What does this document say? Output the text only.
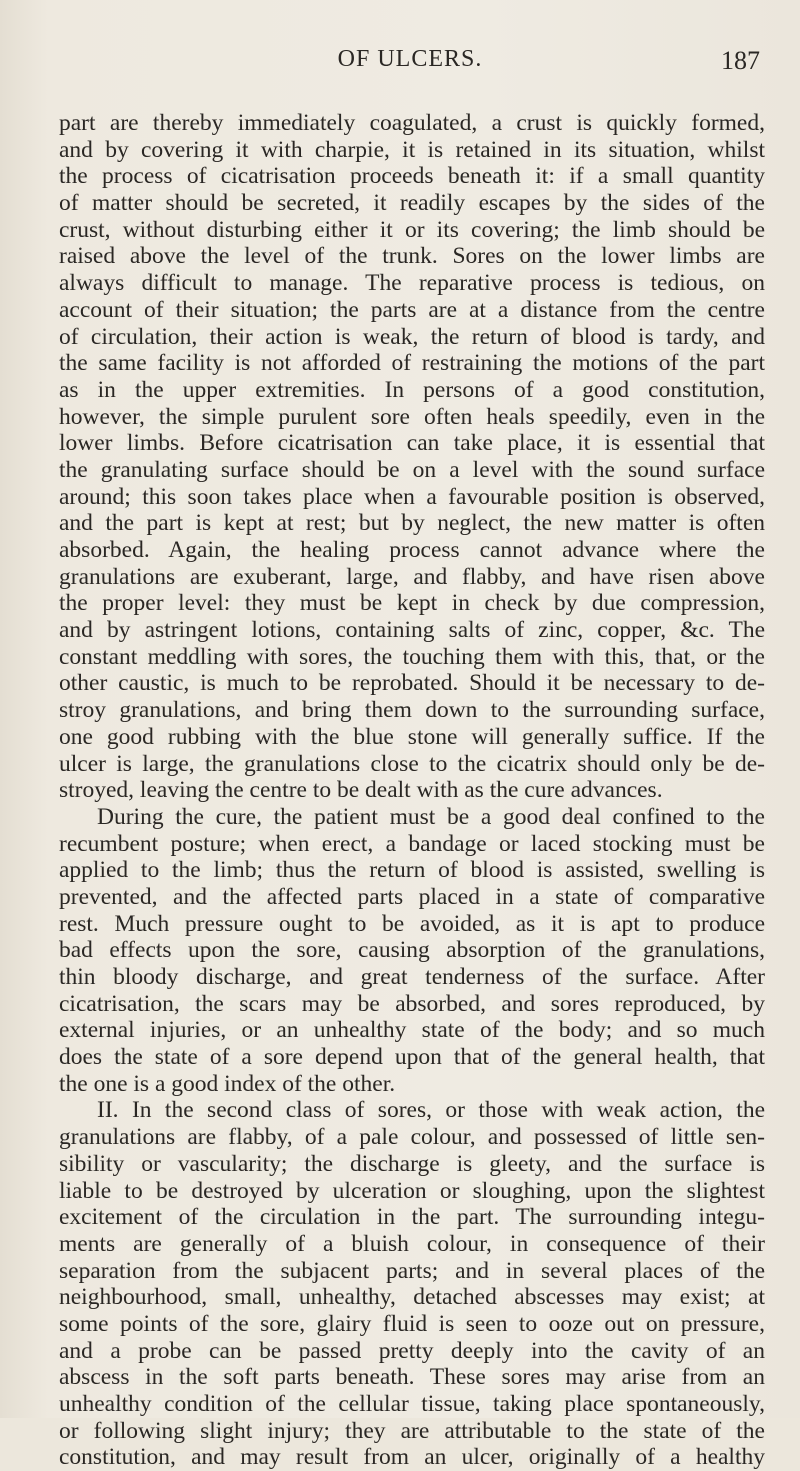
OF ULCERS.	187
part are thereby immediately coagulated, a crust is quickly formed,
and by covering it with charpie, it is retained in its situation, whilst
the process of cicatrisation proceeds beneath it: if a small quantity
of matter should be secreted, it readily escapes by the sides of the
crust, without disturbing either it or its covering; the limb should be
raised above the level of the trunk. Sores on the lower limbs are
always difficult to manage. The reparative process is tedious, on
account of their situation; the parts are at a distance from the centre
of circulation, their action is weak, the return of blood is tardy, and
the same facility is not afforded of restraining the motions of the part
as in the upper extremities. In persons of a good constitution,
however, the simple purulent sore often heals speedily, even in the
lower limbs. Before cicatrisation can take place, it is essential that
the granulating surface should be on a level with the sound surface
around; this soon takes place when a favourable position is observed,
and the part is kept at rest; but by neglect, the new matter is often
absorbed. Again, the healing process cannot advance where the
granulations are exuberant, large, and flabby, and have risen above
the proper level: they must be kept in check by due compression,
and by astringent lotions, containing salts of zinc, copper, &c. The
constant meddling with sores, the touching them with this, that, or the
other caustic, is much to be reprobated. Should it be necessary to de-
stroy granulations, and bring them down to the surrounding surface,
one good rubbing with the blue stone will generally suffice. If the
ulcer is large, the granulations close to the cicatrix should only be de-
stroyed, leaving the centre to be dealt with as the cure advances.
During the cure, the patient must be a good deal confined to the
recumbent posture; when erect, a bandage or laced stocking must be
applied to the limb; thus the return of blood is assisted, swelling is
prevented, and the affected parts placed in a state of comparative
rest. Much pressure ought to be avoided, as it is apt to produce
bad effects upon the sore, causing absorption of the granulations,
thin bloody discharge, and great tenderness of the surface. After
cicatrisation, the scars may be absorbed, and sores reproduced, by
external injuries, or an unhealthy state of the body; and so much
does the state of a sore depend upon that of the general health, that
the one is a good index of the other.
II. In the second class of sores, or those with weak action, the
granulations are flabby, of a pale colour, and possessed of little sen-
sibility or vascularity; the discharge is gleety, and the surface is
liable to be destroyed by ulceration or sloughing, upon the slightest
excitement of the circulation in the part. The surrounding integu-
ments are generally of a bluish colour, in consequence of their
separation from the subjacent parts; and in several places of the
neighbourhood, small, unhealthy, detached abscesses may exist; at
some points of the sore, glairy fluid is seen to ooze out on pressure,
and a probe can be passed pretty deeply into the cavity of an
abscess in the soft parts beneath. These sores may arise from an
unhealthy condition of the cellular tissue, taking place spontaneously,
or following slight injury; they are attributable to the state of the
constitution, and may result from an ulcer, originally of a healthy
